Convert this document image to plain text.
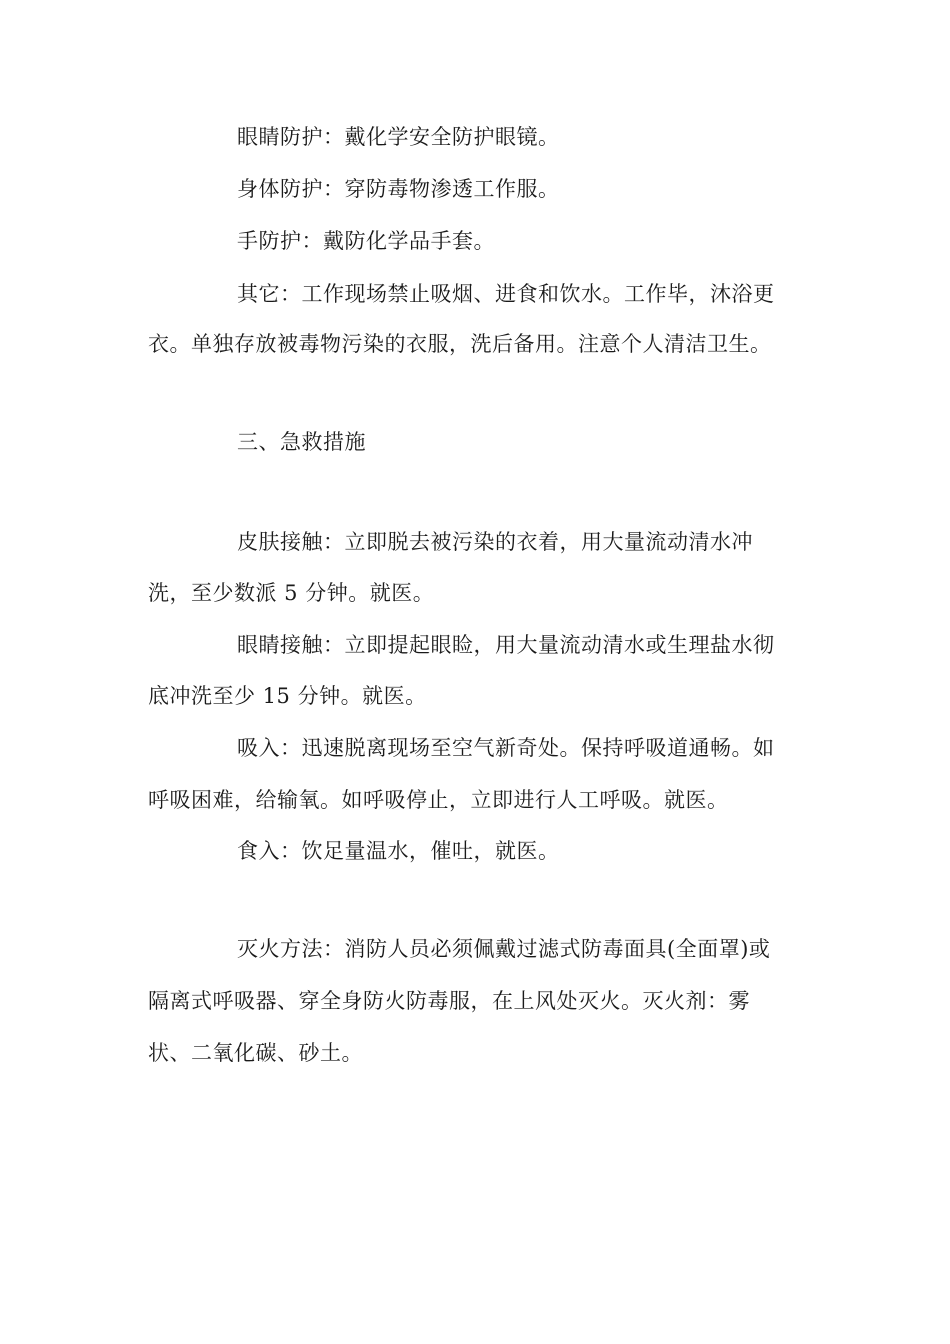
眼睛防护：戴化学安全防护眼镜。
身体防护：穿防毒物渗透工作服。
手防护：戴防化学品手套。
其它：工作现场禁止吸烟、进食和饮水。工作毕，沐浴更
衣。单独存放被毒物污染的衣服，洗后备用。注意个人清洁卫生。
三、急救措施
皮肤接触：立即脱去被污染的衣着，用大量流动清水冲
洗，至少数派 5 分钟。就医。
眼睛接触：立即提起眼睑，用大量流动清水或生理盐水彻
底冲洗至少 15 分钟。就医。
吸入：迅速脱离现场至空气新奇处。保持呼吸道通畅。如
呼吸困难，给输氧。如呼吸停止，立即进行人工呼吸。就医。
食入：饮足量温水，催吐，就医。
灭火方法：消防人员必须佩戴过滤式防毒面具(全面罩)或
隔离式呼吸器、穿全身防火防毒服，在上风处灭火。灭火剂：雾
状、二氧化碳、砂土。
